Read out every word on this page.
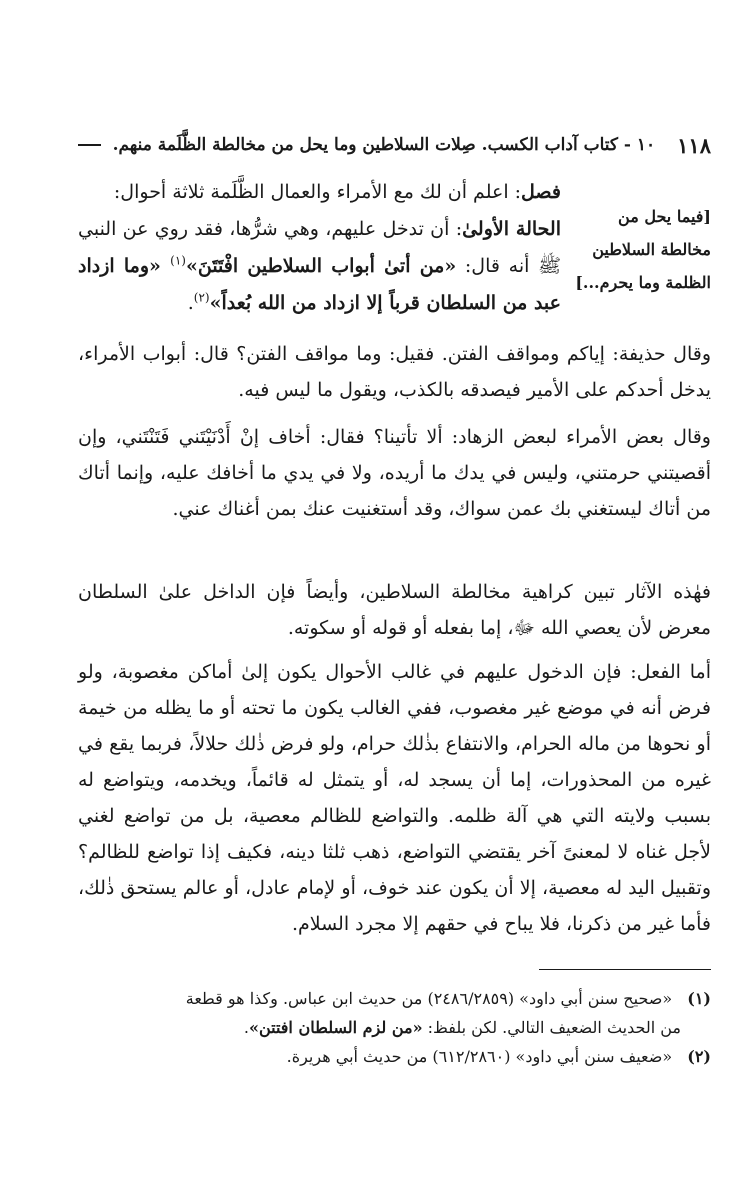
١١٨
١٠ - كتاب آداب الكسب. صِلات السلاطين وما يحل من مخالطة الظَّلَمة منهم.
[فيما يحل من مخالطة السلاطين الظلمة وما يحرم...]
فصل: اعلم أن لك مع الأمراء والعمال الظَّلَمة ثلاثة أحوال:
الحالة الأولىٰ: أن تدخل عليهم، وهي شرُّها، فقد روي عن النبي ﷺ أنه قال: «من أتىٰ أبواب السلاطين افْتَتَنَ»$^{(١)}$ «وما ازداد عبد من السلطان قرباً إلا ازداد من الله بُعداً»$^{(٢)}$.

وقال حذيفة: إياكم ومواقف الفتن. فقيل: وما مواقف الفتن؟ قال: أبواب الأمراء، يدخل أحدكم على الأمير فيصدقه بالكذب، ويقول ما ليس فيه.

وقال بعض الأمراء لبعض الزهاد: ألا تأتينا؟ فقال: أخاف إنْ أَدْنَيْتَني فَتَنْتَني، وإن أقصيتني حرمتني، وليس في يدك ما أريده، ولا في يدي ما أخافك عليه، وإنما أتاك من أتاك ليستغني بك عمن سواك، وقد أستغنيت عنك بمن أغناك عني.

فهٰذه الآثار تبين كراهية مخالطة السلاطين، وأيضاً فإن الداخل علىٰ السلطان معرض لأن يعصي الله ﷻ، إما بفعله أو قوله أو سكوته.

أما الفعل: فإن الدخول عليهم في غالب الأحوال يكون إلىٰ أماكن مغصوبة، ولو فرض أنه في موضع غير مغصوب، ففي الغالب يكون ما تحته أو ما يظله من خيمة أو نحوها من ماله الحرام، والانتفاع بذٰلك حرام، ولو فرض ذٰلك حلالاً، فربما يقع في غيره من المحذورات، إما أن يسجد له، أو يتمثل له قائماً، ويخدمه، ويتواضع له بسبب ولايته التي هي آلة ظلمه. والتواضع للظالم معصية، بل من تواضع لغني لأجل غناه لا لمعنىً آخر يقتضي التواضع، ذهب ثلثا دينه، فكيف إذا تواضع للظالم؟ وتقبيل اليد له معصية، إلا أن يكون عند خوف، أو لإمام عادل، أو عالم يستحق ذٰلك، فأما غير من ذكرنا، فلا يباح في حقهم إلا مجرد السلام.

(١) «صحيح سنن أبي داود» (٢٤٨٦/٢٨٥٩) من حديث ابن عباس. وكذا هو قطعة
من الحديث الضعيف التالي. لكن بلفظ: «من لزم السلطان افتتن».
(٢) «ضعيف سنن أبي داود» (٦١٢/٢٨٦٠) من حديث أبي هريرة.
